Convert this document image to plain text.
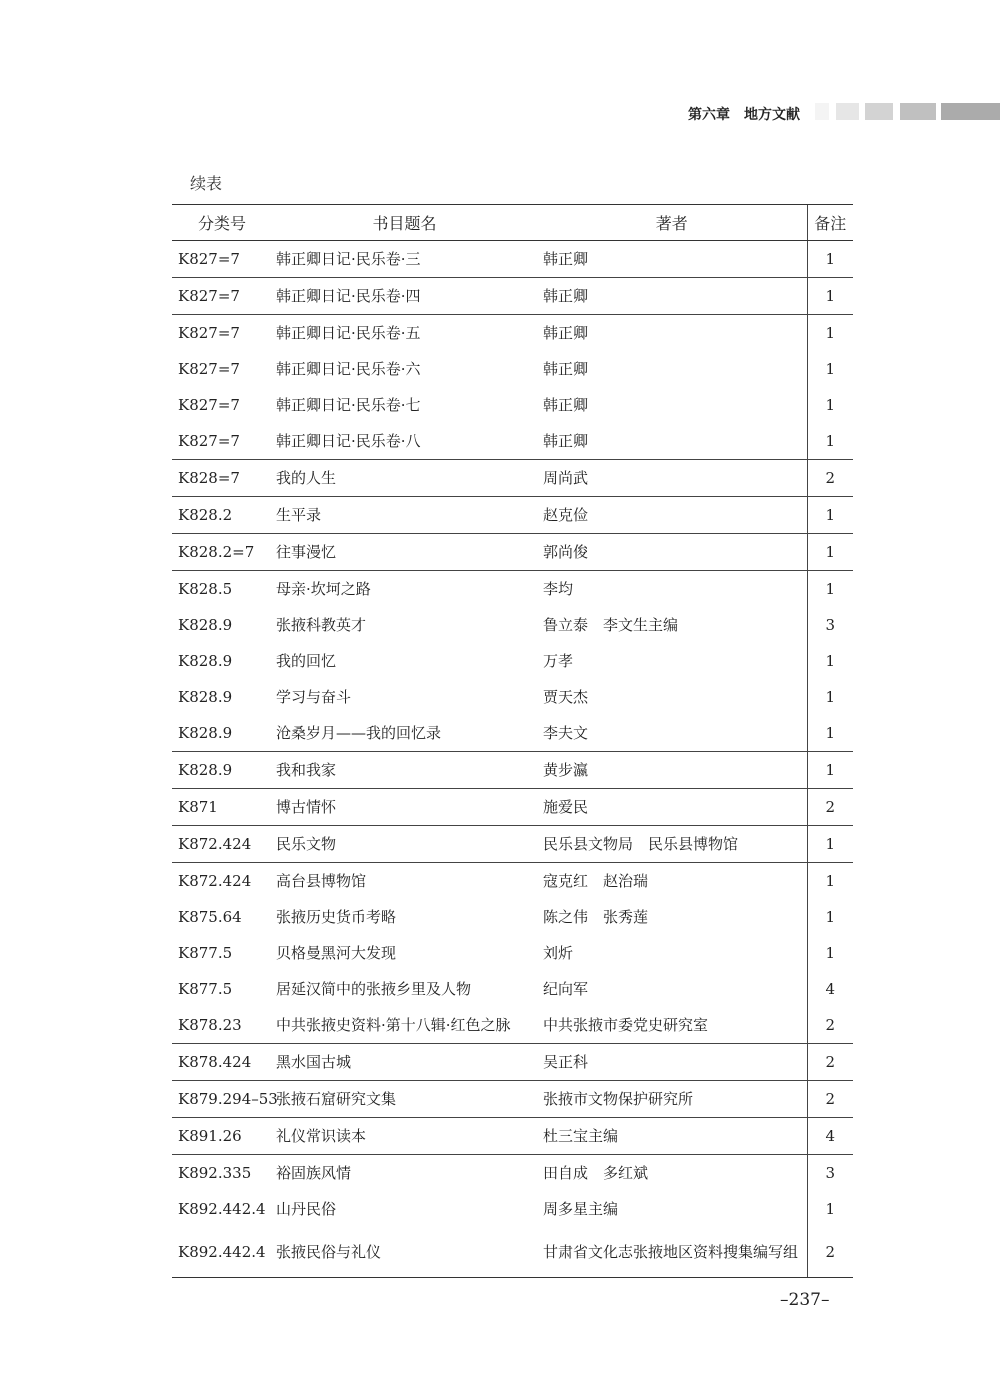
第六章　地方文献
续表
分类号	书目题名	著者	备注
K827=7	韩正卿日记·民乐卷·三	韩正卿	1
K827=7	韩正卿日记·民乐卷·四	韩正卿	1
K827=7	韩正卿日记·民乐卷·五	韩正卿	1
K827=7	韩正卿日记·民乐卷·六	韩正卿	1
K827=7	韩正卿日记·民乐卷·七	韩正卿	1
K827=7	韩正卿日记·民乐卷·八	韩正卿	1
K828=7	我的人生	周尚武	2
K828.2	生平录	赵克俭	1
K828.2=7	往事漫忆	郭尚俊	1
K828.5	母亲·坎坷之路	李均	1
K828.9	张掖科教英才	鲁立泰　李文生主编	3
K828.9	我的回忆	万孝	1
K828.9	学习与奋斗	贾天杰	1
K828.9	沧桑岁月——我的回忆录	李夫文	1
K828.9	我和我家	黄步瀛	1
K871	博古情怀	施爱民	2
K872.424	民乐文物	民乐县文物局　民乐县博物馆	1
K872.424	高台县博物馆	寇克红　赵治瑞	1
K875.64	张掖历史货币考略	陈之伟　张秀莲	1
K877.5	贝格曼黑河大发现	刘炘	1
K877.5	居延汉简中的张掖乡里及人物	纪向军	4
K878.23	中共张掖史资料·第十八辑·红色之脉	中共张掖市委党史研究室	2
K878.424	黑水国古城	吴正科	2
K879.294–53	张掖石窟研究文集	张掖市文物保护研究所	2
K891.26	礼仪常识读本	杜三宝主编	4
K892.335	裕固族风情	田自成　多红斌	3
K892.442.4	山丹民俗	周多星主编	1
K892.442.4	张掖民俗与礼仪	甘肃省文化志张掖地区资料搜集编写组	2
–237–
